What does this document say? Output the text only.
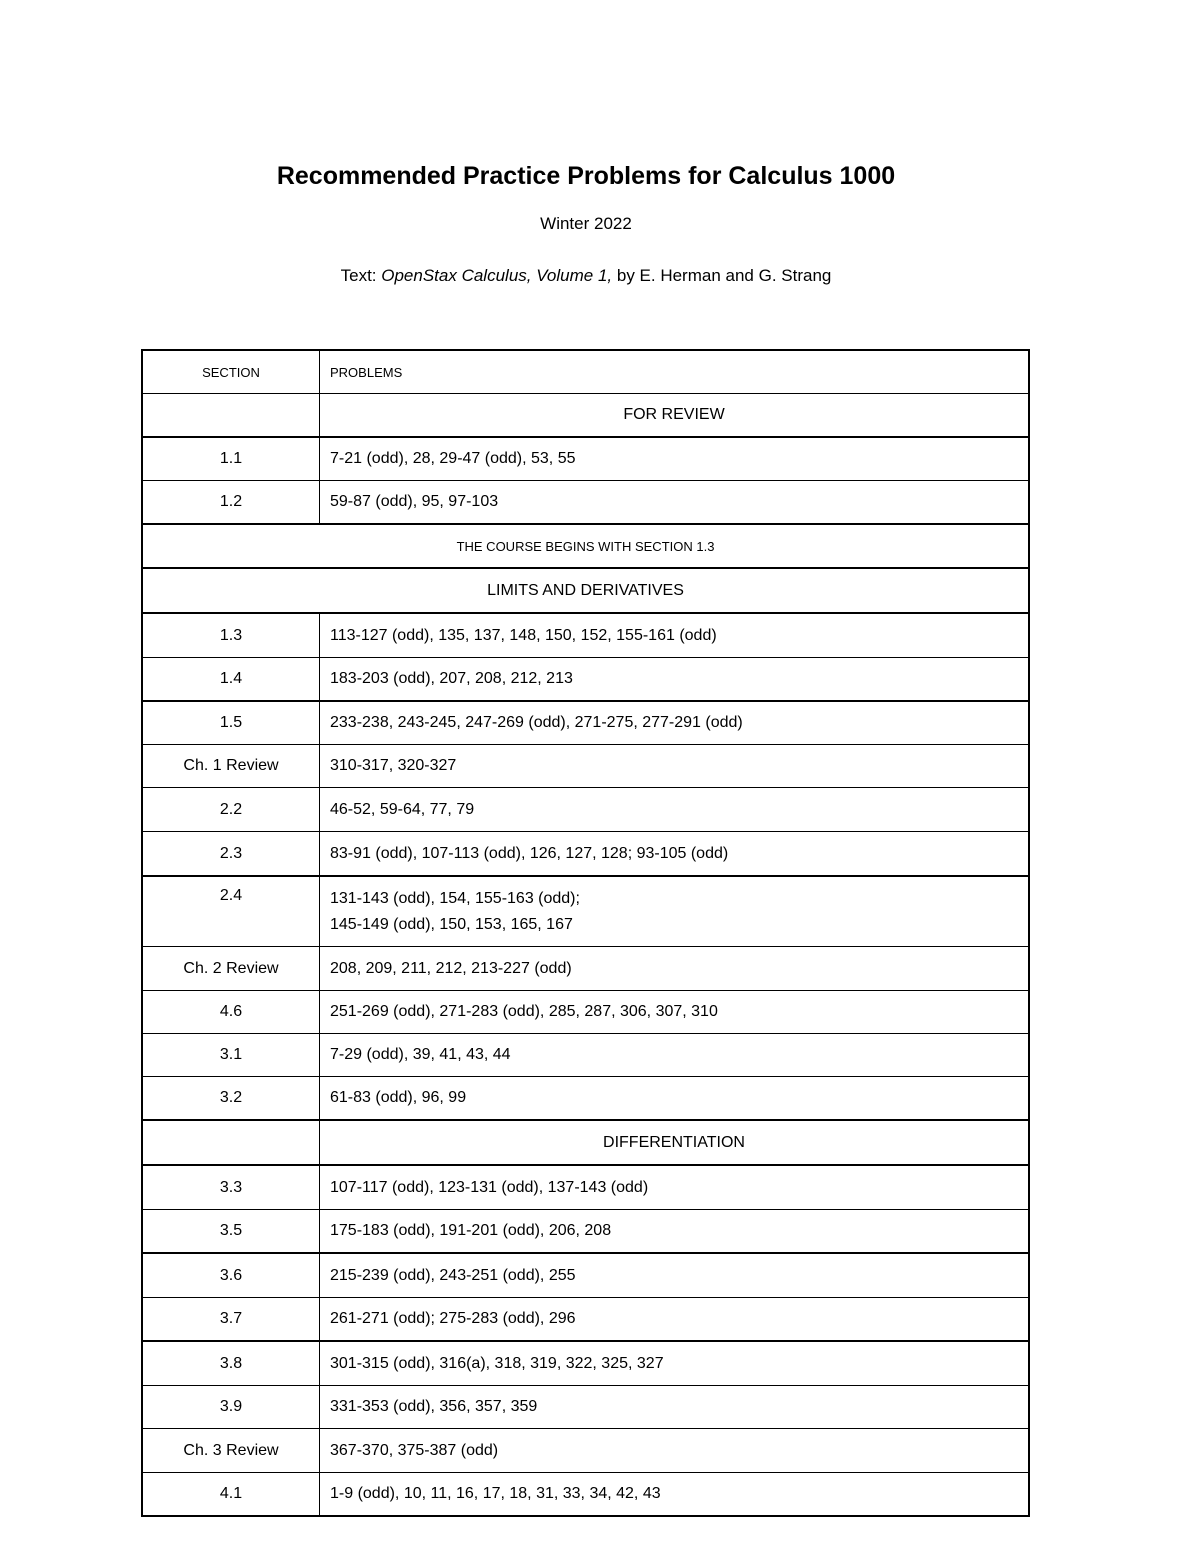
Recommended Practice Problems for Calculus 1000
Winter 2022
Text: OpenStax Calculus, Volume 1, by E. Herman and G. Strang
SECTION	PROBLEMS
	FOR REVIEW
1.1	7-21 (odd), 28, 29-47 (odd), 53, 55
1.2	59-87 (odd), 95, 97-103
THE COURSE BEGINS WITH SECTION 1.3	
LIMITS AND DERIVATIVES	
1.3	113-127 (odd), 135, 137, 148, 150, 152, 155-161 (odd)
1.4	183-203 (odd), 207, 208, 212, 213
1.5	233-238, 243-245, 247-269 (odd), 271-275, 277-291 (odd)
Ch. 1 Review	310-317, 320-327
2.2	46-52, 59-64, 77, 79
2.3	83-91 (odd), 107-113 (odd), 126, 127, 128; 93-105 (odd)
2.4	131-143 (odd), 154, 155-163 (odd);
145-149 (odd), 150, 153, 165, 167

Ch. 2 Review	208, 209, 211, 212, 213-227 (odd)
4.6	251-269 (odd), 271-283 (odd), 285, 287, 306, 307, 310
3.1	7-29 (odd), 39, 41, 43, 44
3.2	61-83 (odd), 96, 99
	DIFFERENTIATION
3.3	107-117 (odd), 123-131 (odd), 137-143 (odd)
3.5	175-183 (odd), 191-201 (odd), 206, 208
3.6	215-239 (odd), 243-251 (odd), 255
3.7	261-271 (odd); 275-283 (odd), 296
3.8	301-315 (odd), 316(a), 318, 319, 322, 325, 327
3.9	331-353 (odd), 356, 357, 359
Ch. 3 Review	367-370, 375-387 (odd)
4.1	1-9 (odd), 10, 11, 16, 17, 18, 31, 33, 34, 42, 43
